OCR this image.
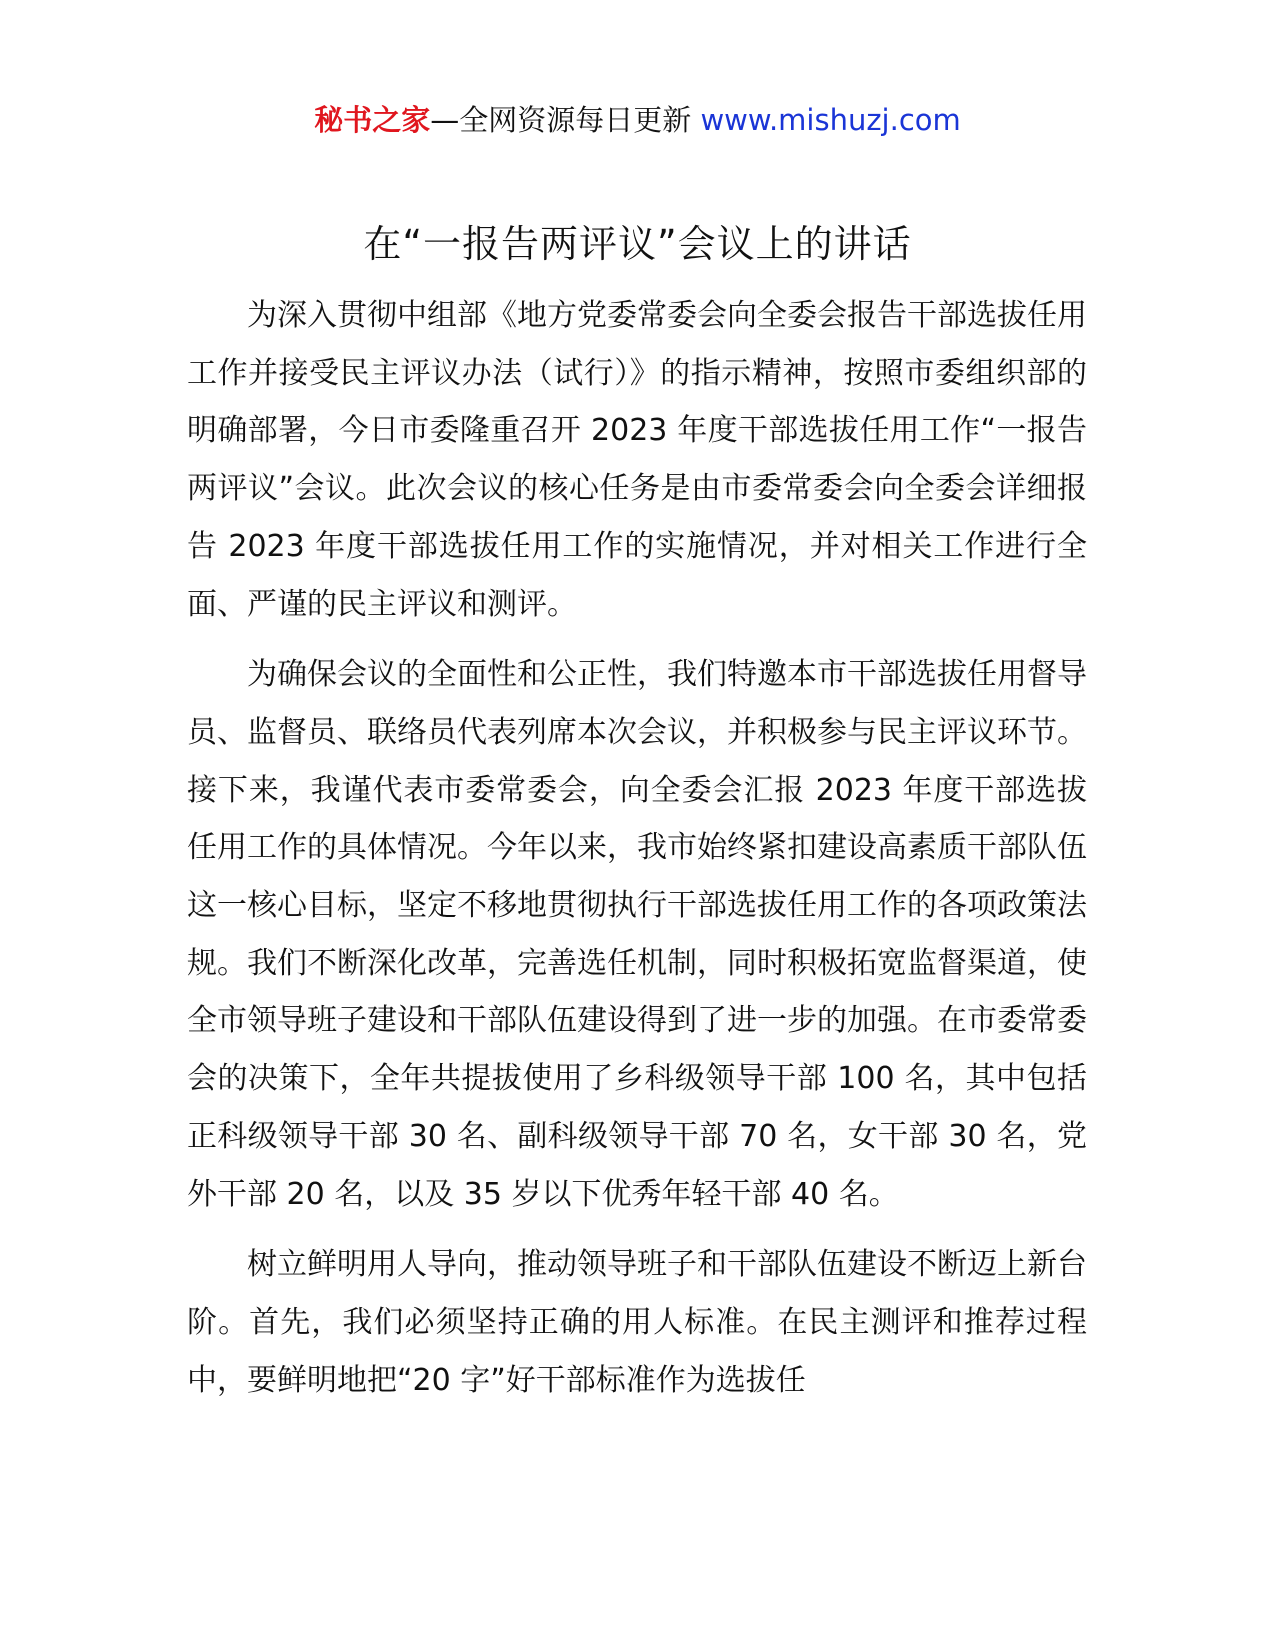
秘书之家—全网资源每日更新 www.mishuzj.com
在“一报告两评议”会议上的讲话

为深入贯彻中组部《地方党委常委会向全委会报告干部选拔任用工作并接受民主评议办法（试行）》的指示精神，按照市委组织部的明确部署，今日市委隆重召开 2023 年度干部选拔任用工作“一报告两评议”会议。此次会议的核心任务是由市委常委会向全委会详细报告 2023 年度干部选拔任用工作的实施情况，并对相关工作进行全面、严谨的民主评议和测评。

为确保会议的全面性和公正性，我们特邀本市干部选拔任用督导员、监督员、联络员代表列席本次会议，并积极参与民主评议环节。接下来，我谨代表市委常委会，向全委会汇报 2023 年度干部选拔任用工作的具体情况。今年以来，我市始终紧扣建设高素质干部队伍这一核心目标，坚定不移地贯彻执行干部选拔任用工作的各项政策法规。我们不断深化改革，完善选任机制，同时积极拓宽监督渠道，使全市领导班子建设和干部队伍建设得到了进一步的加强。在市委常委会的决策下，全年共提拔使用了乡科级领导干部 100 名，其中包括正科级领导干部 30 名、副科级领导干部 70 名，女干部 30 名，党外干部 20 名，以及 35 岁以下优秀年轻干部 40 名。

树立鲜明用人导向，推动领导班子和干部队伍建设不断迈上新台阶。首先，我们必须坚持正确的用人标准。在民主测评和推荐过程中，要鲜明地把“20 字”好干部标准作为选拔任
